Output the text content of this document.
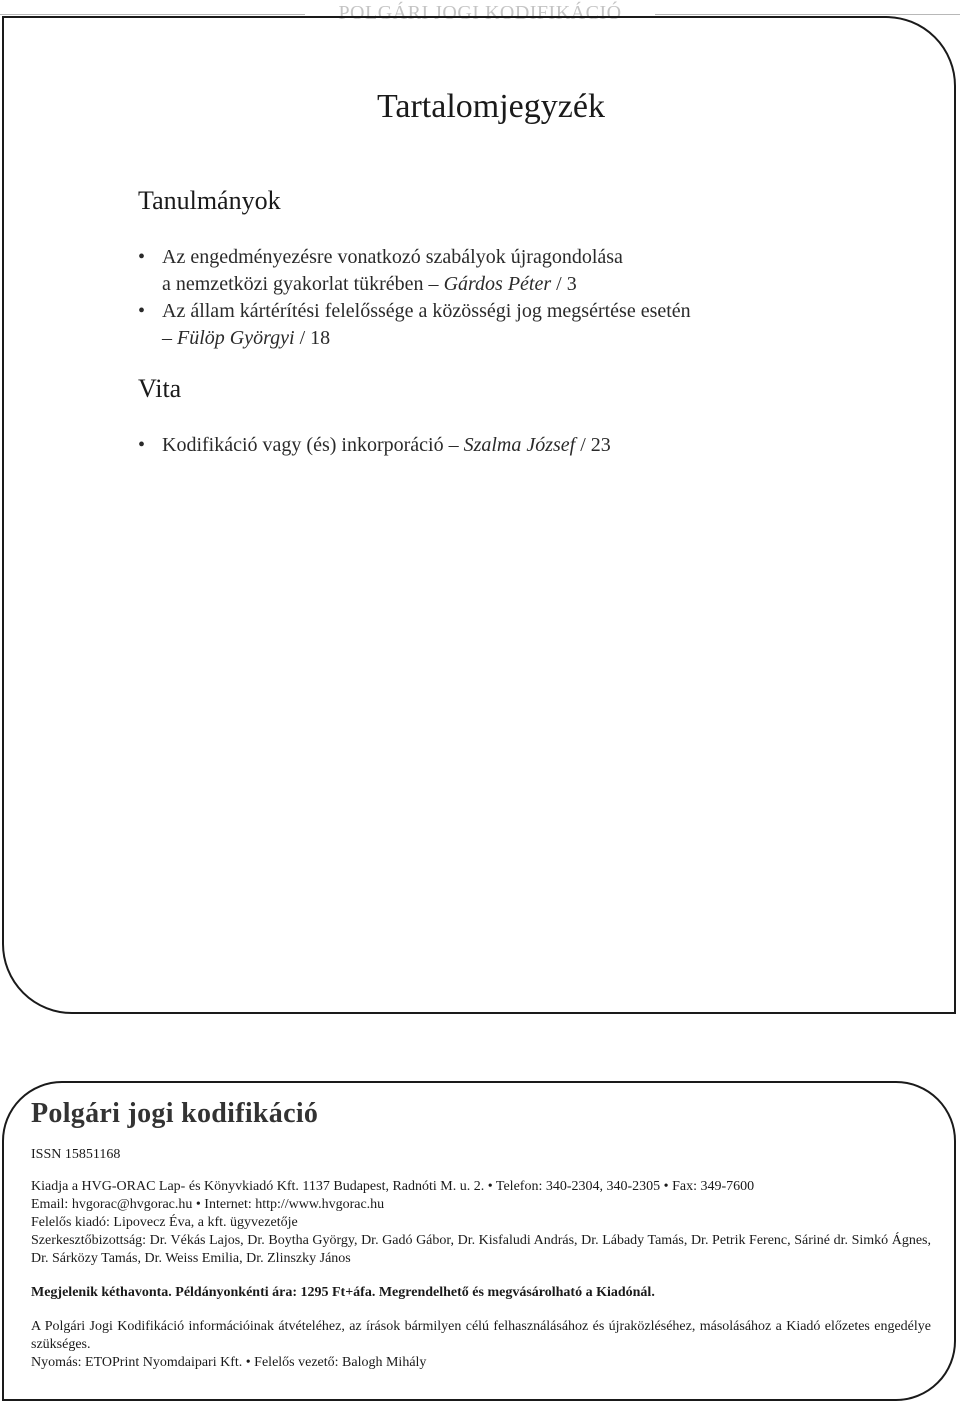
POLGÁRI JOGI KODIFIKÁCIÓ
Tartalomjegyzék
Tanulmányok
• Az engedményezésre vonatkozó szabályok újragondolása
a nemzetközi gyakorlat tükrében – Gárdos Péter / 3
• Az állam kártérítési felelőssége a közösségi jog megsértése esetén
– Fülöp Györgyi / 18
Vita
• Kodifikáció vagy (és) inkorporáció – Szalma József / 23

Polgári jogi kodifikáció

ISSN 15851168

Kiadja a HVG-ORAC Lap- és Könyvkiadó Kft. 1137 Budapest, Radnóti M. u. 2. • Telefon: 340-2304, 340-2305 • Fax: 349-7600

Email: hvgorac@hvgorac.hu • Internet: http://www.hvgorac.hu

Felelős kiadó: Lipovecz Éva, a kft. ügyvezetője

Szerkesztőbizottság: Dr. Vékás Lajos, Dr. Boytha György, Dr. Gadó Gábor, Dr. Kisfaludi András, Dr. Lábady Tamás, Dr. Petrik Ferenc, Sáriné dr. Simkó Ágnes, Dr. Sárközy Tamás, Dr. Weiss Emilia, Dr. Zlinszky János

Megjelenik kéthavonta. Példányonkénti ára: 1295 Ft+áfa. Megrendelhető és megvásárolható a Kiadónál.

A Polgári Jogi Kodifikáció információinak átvételéhez, az írások bármilyen célú felhasználásához és újraközléséhez, másolásához a Kiadó előzetes engedélye szükséges.

Nyomás: ETOPrint Nyomdaipari Kft. • Felelős vezető: Balogh Mihály
